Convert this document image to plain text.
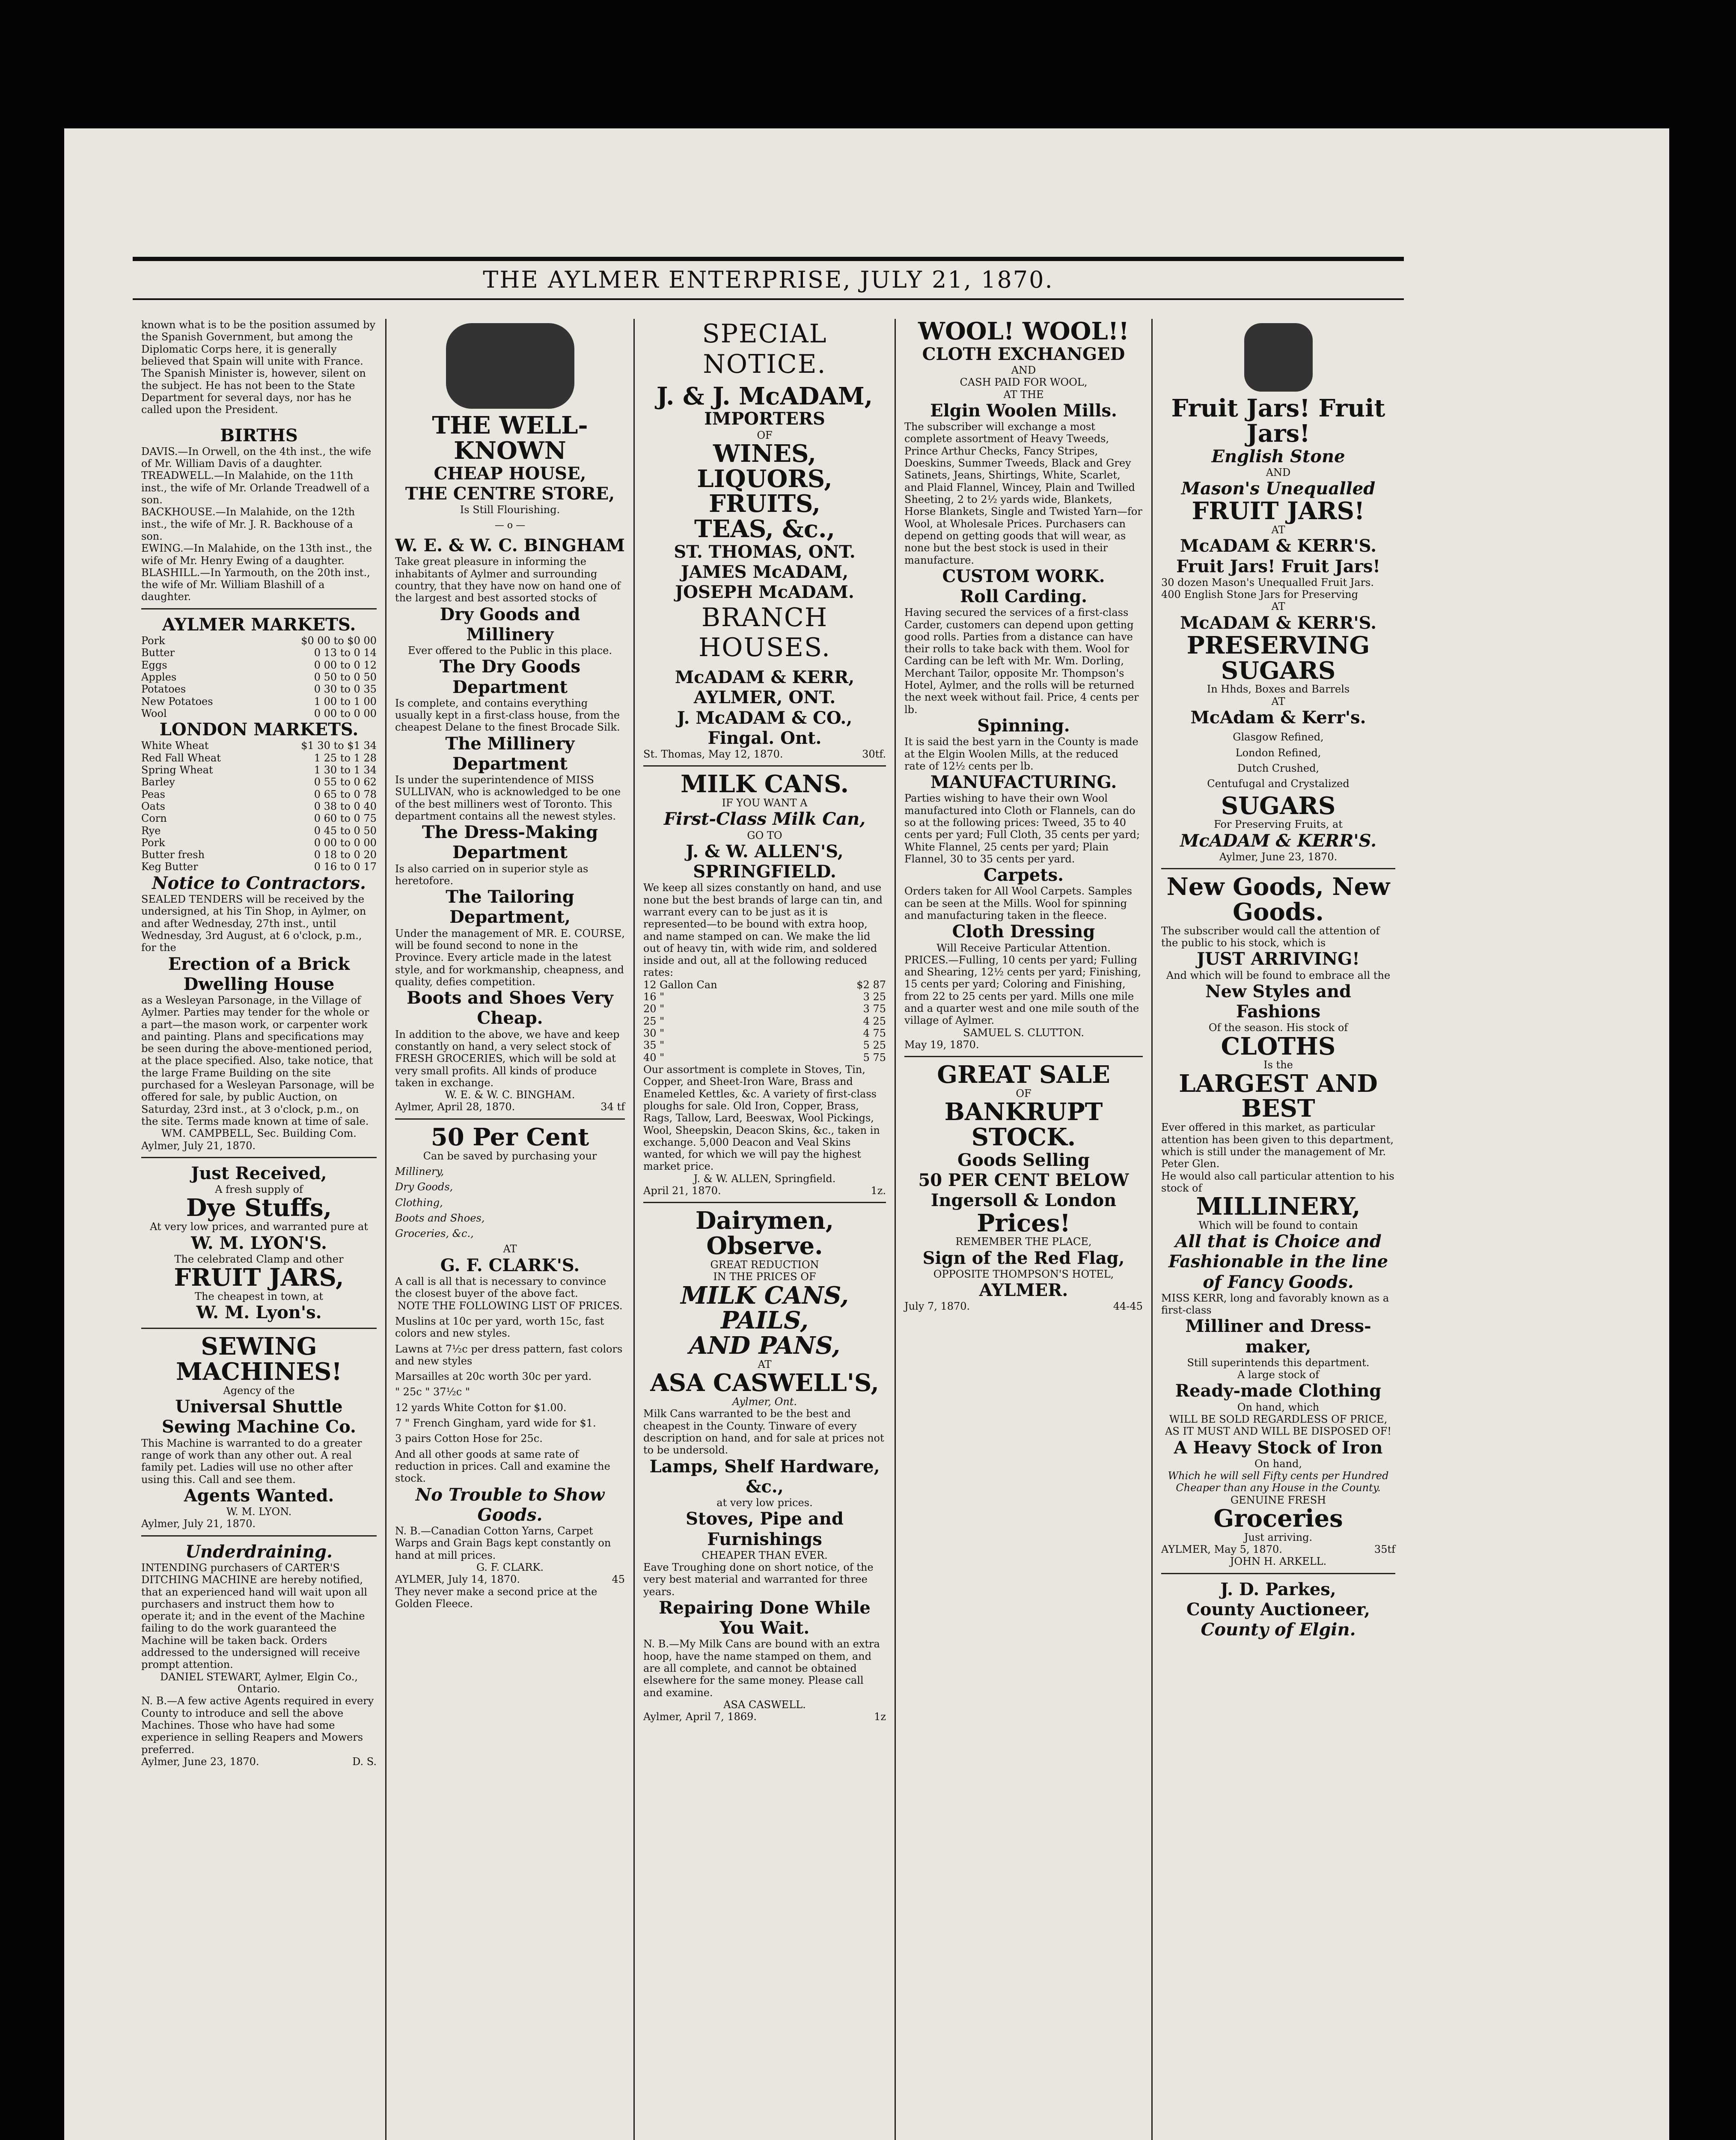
THE AYLMER ENTERPRISE, JULY 21, 1870.
known what is to be the position assumed by the Spanish Government, but among the Diplomatic Corps here, it is generally believed that Spain will unite with France. The Spanish Minister is, however, silent on the subject. He has not been to the State Department for several days, nor has he called upon the President.
BIRTHS
DAVIS.—In Orwell, on the 4th inst., the wife of Mr. William Davis of a daughter.
TREADWELL.—In Malahide, on the 11th inst., the wife of Mr. Orlande Treadwell of a son.
BACKHOUSE.—In Malahide, on the 12th inst., the wife of Mr. J. R. Backhouse of a son.
EWING.—In Malahide, on the 13th inst., the wife of Mr. Henry Ewing of a daughter.
BLASHILL.—In Yarmouth, on the 20th inst., the wife of Mr. William Blashill of a daughter.
AYLMER MARKETS.
Pork	$0 00 to $0 00
Butter	0 13 to 0 14
Eggs	0 00 to 0 12
Apples	0 50 to 0 50
Potatoes	0 30 to 0 35
New Potatoes	1 00 to 1 00
Wool	0 00 to 0 00
LONDON MARKETS.
White Wheat	$1 30 to $1 34
Red Fall Wheat	1 25 to 1 28
Spring Wheat	1 30 to 1 34
Barley	0 55 to 0 62
Peas	0 65 to 0 78
Oats	0 38 to 0 40
Corn	0 60 to 0 75
Rye	0 45 to 0 50
Pork	0 00 to 0 00
Butter fresh	0 18 to 0 20
Keg Butter	0 16 to 0 17
Notice to Contractors.
SEALED TENDERS will be received by the undersigned, at his Tin Shop, in Aylmer, on and after Wednesday, 27th inst., until Wednesday, 3rd August, at 6 o'clock, p.m., for the
Erection of a Brick Dwelling House
as a Wesleyan Parsonage, in the Village of Aylmer. Parties may tender for the whole or a part—the mason work, or carpenter work and painting. Plans and specifications may be seen during the above-mentioned period, at the place specified. Also, take notice, that the large Frame Building on the site purchased for a Wesleyan Parsonage, will be offered for sale, by public Auction, on Saturday, 23rd inst., at 3 o'clock, p.m., on the site. Terms made known at time of sale.
WM. CAMPBELL, Sec. Building Com.
Aylmer, July 21, 1870.
Just Received,
A fresh supply of
Dye Stuffs,
At very low prices, and warranted pure at
W. M. LYON'S.
The celebrated Clamp and other
FRUIT JARS,
The cheapest in town, at
W. M. Lyon's.
SEWING MACHINES!
Agency of the
Universal Shuttle Sewing Machine Co.
This Machine is warranted to do a greater range of work than any other out. A real family pet. Ladies will use no other after using this. Call and see them.
Agents Wanted.
W. M. LYON.
Aylmer, July 21, 1870.
Underdraining.
INTENDING purchasers of CARTER'S DITCHING MACHINE are hereby notified, that an experienced hand will wait upon all purchasers and instruct them how to operate it; and in the event of the Machine failing to do the work guaranteed the Machine will be taken back. Orders addressed to the undersigned will receive prompt attention.
DANIEL STEWART, Aylmer, Elgin Co., Ontario.
N. B.—A few active Agents required in every County to introduce and sell the above Machines. Those who have had some experience in selling Reapers and Mowers preferred.
Aylmer, June 23, 1870.	D. S.
THE WELL-KNOWN
CHEAP HOUSE,
THE CENTRE STORE,
Is Still Flourishing.
— o —
W. E. & W. C. BINGHAM
Take great pleasure in informing the inhabitants of Aylmer and surrounding country, that they have now on hand one of the largest and best assorted stocks of
Dry Goods and Millinery
Ever offered to the Public in this place.
The Dry Goods Department
Is complete, and contains everything usually kept in a first-class house, from the cheapest Delane to the finest Brocade Silk.
The Millinery Department
Is under the superintendence of MISS SULLIVAN, who is acknowledged to be one of the best milliners west of Toronto. This department contains all the newest styles.
The Dress-Making Department
Is also carried on in superior style as heretofore.
The Tailoring Department,
Under the management of MR. E. COURSE, will be found second to none in the Province. Every article made in the latest style, and for workmanship, cheapness, and quality, defies competition.
Boots and Shoes Very Cheap.
In addition to the above, we have and keep constantly on hand, a very select stock of FRESH GROCERIES, which will be sold at very small profits. All kinds of produce taken in exchange.
W. E. & W. C. BINGHAM.
Aylmer, April 28, 1870.	34 tf
50 Per Cent
Can be saved by purchasing your
Millinery,
Dry Goods,
Clothing,
Boots and Shoes,
Groceries, &c.,
AT
G. F. CLARK'S.
A call is all that is necessary to convince the closest buyer of the above fact.
NOTE THE FOLLOWING LIST OF PRICES.
Muslins at 10c per yard, worth 15c, fast colors and new styles.
Lawns at 7½c per dress pattern, fast colors and new styles
Marsailles at 20c worth 30c per yard.
" 25c " 37½c "
12 yards White Cotton for $1.00.
7 " French Gingham, yard wide for $1.
3 pairs Cotton Hose for 25c.
And all other goods at same rate of reduction in prices. Call and examine the stock.
No Trouble to Show Goods.
N. B.—Canadian Cotton Yarns, Carpet Warps and Grain Bags kept constantly on hand at mill prices.
G. F. CLARK.
AYLMER, July 14, 1870.	45
They never make a second price at the Golden Fleece.
SPECIAL NOTICE.
J. & J. McADAM,
IMPORTERS
OF
WINES, LIQUORS,
FRUITS,
TEAS, &c.,
ST. THOMAS, ONT.
JAMES McADAM,
JOSEPH McADAM.
BRANCH HOUSES.
McADAM & KERR,
AYLMER, ONT.
J. McADAM & CO.,
Fingal. Ont.
St. Thomas, May 12, 1870.	30tf.
MILK CANS.
IF YOU WANT A
First-Class Milk Can,
GO TO
J. & W. ALLEN'S, SPRINGFIELD.
We keep all sizes constantly on hand, and use none but the best brands of large can tin, and warrant every can to be just as it is represented—to be bound with extra hoop, and name stamped on can. We make the lid out of heavy tin, with wide rim, and soldered inside and out, all at the following reduced rates:
12 Gallon Can	$2 87
16 "	3 25
20 "	3 75
25 "	4 25
30 "	4 75
35 "	5 25
40 "	5 75
Our assortment is complete in Stoves, Tin, Copper, and Sheet-Iron Ware, Brass and Enameled Kettles, &c. A variety of first-class ploughs for sale. Old Iron, Copper, Brass, Rags, Tallow, Lard, Beeswax, Wool Pickings, Wool, Sheepskin, Deacon Skins, &c., taken in exchange. 5,000 Deacon and Veal Skins wanted, for which we will pay the highest market price.
J. & W. ALLEN, Springfield.
April 21, 1870.	1z.
Dairymen, Observe.
GREAT REDUCTION
IN THE PRICES OF
MILK CANS,
PAILS,
AND PANS,
AT
ASA CASWELL'S,
Aylmer, Ont.
Milk Cans warranted to be the best and cheapest in the County. Tinware of every description on hand, and for sale at prices not to be undersold.
Lamps, Shelf Hardware, &c.,
at very low prices.
Stoves, Pipe and Furnishings
CHEAPER THAN EVER.
Eave Troughing done on short notice, of the very best material and warranted for three years.
Repairing Done While You Wait.
N. B.—My Milk Cans are bound with an extra hoop, have the name stamped on them, and are all complete, and cannot be obtained elsewhere for the same money. Please call and examine.
ASA CASWELL.
Aylmer, April 7, 1869.	1z
WOOL! WOOL!!
CLOTH EXCHANGED
AND
CASH PAID FOR WOOL,
AT THE
Elgin Woolen Mills.
The subscriber will exchange a most complete assortment of Heavy Tweeds, Prince Arthur Checks, Fancy Stripes, Doeskins, Summer Tweeds, Black and Grey Satinets, Jeans, Shirtings, White, Scarlet, and Plaid Flannel, Wincey, Plain and Twilled Sheeting, 2 to 2½ yards wide, Blankets, Horse Blankets, Single and Twisted Yarn—for Wool, at Wholesale Prices. Purchasers can depend on getting goods that will wear, as none but the best stock is used in their manufacture.
CUSTOM WORK.
Roll Carding.
Having secured the services of a first-class Carder, customers can depend upon getting good rolls. Parties from a distance can have their rolls to take back with them. Wool for Carding can be left with Mr. Wm. Dorling, Merchant Tailor, opposite Mr. Thompson's Hotel, Aylmer, and the rolls will be returned the next week without fail. Price, 4 cents per lb.
Spinning.
It is said the best yarn in the County is made at the Elgin Woolen Mills, at the reduced rate of 12½ cents per lb.
MANUFACTURING.
Parties wishing to have their own Wool manufactured into Cloth or Flannels, can do so at the following prices: Tweed, 35 to 40 cents per yard; Full Cloth, 35 cents per yard; White Flannel, 25 cents per yard; Plain Flannel, 30 to 35 cents per yard.
Carpets.
Orders taken for All Wool Carpets. Samples can be seen at the Mills. Wool for spinning and manufacturing taken in the fleece.
Cloth Dressing
Will Receive Particular Attention.
PRICES.—Fulling, 10 cents per yard; Fulling and Shearing, 12½ cents per yard; Finishing, 15 cents per yard; Coloring and Finishing, from 22 to 25 cents per yard. Mills one mile and a quarter west and one mile south of the village of Aylmer.
SAMUEL S. CLUTTON.
May 19, 1870.
GREAT SALE
OF
BANKRUPT STOCK.
Goods Selling
50 PER CENT BELOW
Ingersoll & London
Prices!
REMEMBER THE PLACE,
Sign of the Red Flag,
OPPOSITE THOMPSON'S HOTEL,
AYLMER.
July 7, 1870.	44-45
Fruit Jars! Fruit Jars!
English Stone
AND
Mason's Unequalled
FRUIT JARS!
AT
McADAM & KERR'S.
Fruit Jars! Fruit Jars!
30 dozen Mason's Unequalled Fruit Jars. 400 English Stone Jars for Preserving
AT
McADAM & KERR'S.
PRESERVING SUGARS
In Hhds, Boxes and Barrels
AT
McAdam & Kerr's.
Glasgow Refined,
London Refined,
Dutch Crushed,
Centufugal and Crystalized
SUGARS
For Preserving Fruits, at
McADAM & KERR'S.
Aylmer, June 23, 1870.
New Goods, New Goods.
The subscriber would call the attention of the public to his stock, which is
JUST ARRIVING!
And which will be found to embrace all the
New Styles and Fashions
Of the season. His stock of
CLOTHS
Is the
LARGEST AND BEST
Ever offered in this market, as particular attention has been given to this department, which is still under the management of Mr. Peter Glen.
He would also call particular attention to his stock of
MILLINERY,
Which will be found to contain
All that is Choice and Fashionable in the line of Fancy Goods.
MISS KERR, long and favorably known as a first-class
Milliner and Dress-maker,
Still superintends this department.
A large stock of
Ready-made Clothing
On hand, which
WILL BE SOLD REGARDLESS OF PRICE, AS IT MUST AND WILL BE DISPOSED OF!
A Heavy Stock of Iron
On hand,
Which he will sell Fifty cents per Hundred Cheaper than any House in the County.
GENUINE FRESH
Groceries
Just arriving.
AYLMER, May 5, 1870.	35tf
JOHN H. ARKELL.
J. D. Parkes,
County Auctioneer,
County of Elgin.
